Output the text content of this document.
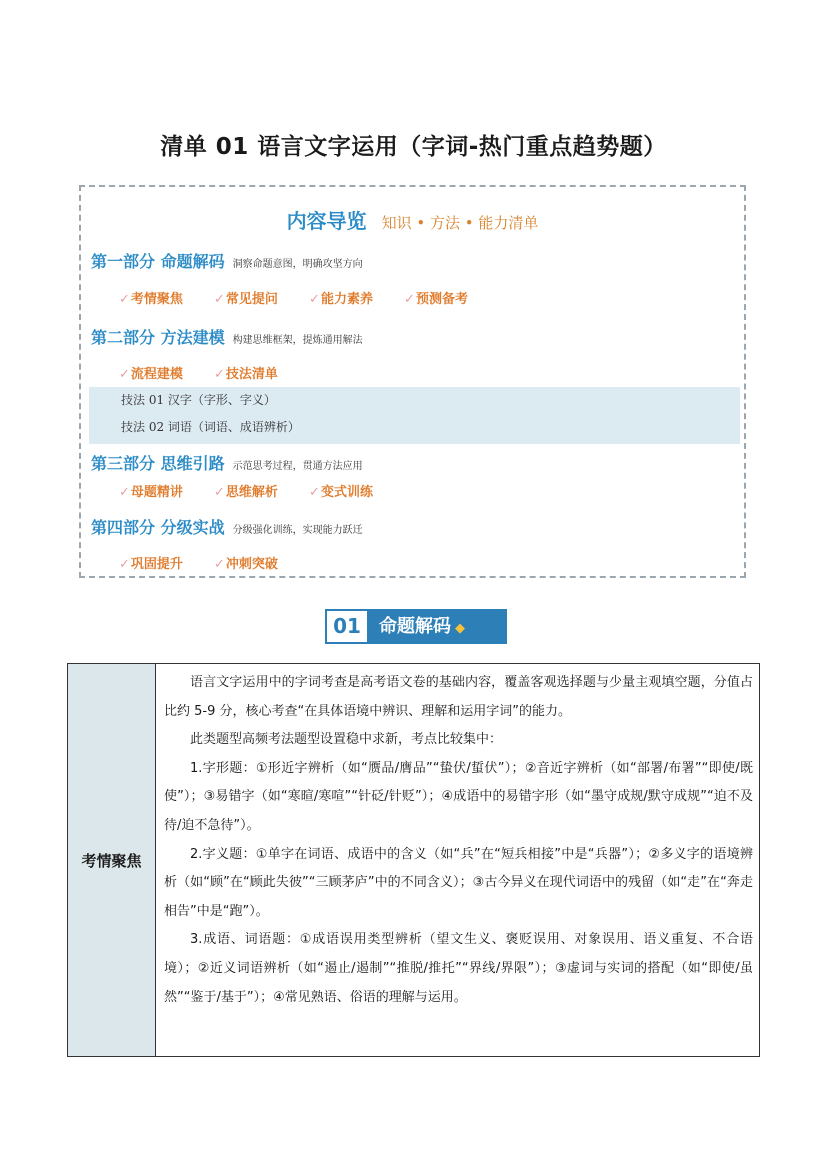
清单 01 语言文字运用（字词-热门重点趋势题）
内容导览 知识 • 方法 • 能力清单
第一部分 命题解码 洞察命题意图，明确攻坚方向
✓考情聚焦 ✓常见提问 ✓能力素养 ✓预测备考
第二部分 方法建模 构建思维框架，提炼通用解法
✓流程建模 ✓技法清单
技法 01 汉字（字形、字义）
技法 02 词语（词语、成语辨析）
第三部分 思维引路 示范思考过程，贯通方法应用
✓母题精讲 ✓思维解析 ✓变式训练
第四部分 分级实战 分级强化训练，实现能力跃迁
✓巩固提升 ✓冲刺突破
01	命题解码 ◆
考情聚焦

语言文字运用中的字词考查是高考语文卷的基础内容，覆盖客观选择题与少量主观填空题，分值占比约 5-9 分，核心考查“在具体语境中辨识、理解和运用字词”的能力。

此类题型高频考法题型设置稳中求新，考点比较集中：

1.字形题：①形近字辨析（如“赝品/膺品”“蛰伏/蜇伏”）；②音近字辨析（如“部署/布署”“即使/既使”）；③易错字（如“寒暄/寒喧”“针砭/针贬”）；④成语中的易错字形（如“墨守成规/默守成规”“迫不及待/迫不急待”）。

2.字义题：①单字在词语、成语中的含义（如“兵”在“短兵相接”中是“兵器”）；②多义字的语境辨析（如“顾”在“顾此失彼”“三顾茅庐”中的不同含义）；③古今异义在现代词语中的残留（如“走”在“奔走相告”中是“跑”）。

3.成语、词语题：①成语误用类型辨析（望文生义、褒贬误用、对象误用、语义重复、不合语境）；②近义词语辨析（如“遏止/遏制”“推脱/推托”“界线/界限”）；③虚词与实词的搭配（如“即使/虽然”“鉴于/基于”）；④常见熟语、俗语的理解与运用。
